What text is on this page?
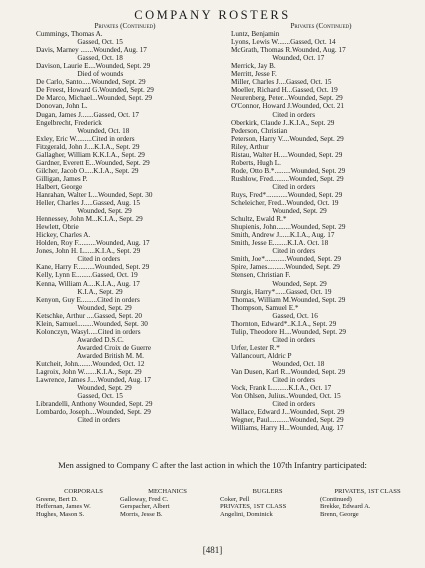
COMPANY ROSTERS
Privates (Continued)
Cummings, Thomas A.
Gassed, Oct. 15
Davis, Marney .......Wounded, Aug. 17
Gassed, Oct. 18
Davison, Laurie E....Wounded, Sept. 29
Died of wounds
De Carlo, Santo.....Wounded, Sept. 29
De Freest, Howard G.Wounded, Sept. 29
De Marco, Michael...Wounded, Sept. 29
Donovan, John L.
Dugan, James J.......Gassed, Oct. 17
Engelbrecht, Frederick
Wounded, Oct. 18
Exley, Eric W.........Cited in orders
Fitzgerald, John J....K.I.A., Sept. 29
Gallagher, William K.K.I.A., Sept. 29
Gardner, Everett E...Wounded, Sept. 29
Gilcher, Jacob O.....K.I.A., Sept. 29
Gilligan, James P.
Halbert, George
Hanrahan, Walter L...Wounded, Sept. 30
Heller, Charles J.....Gassed, Aug. 15
Wounded, Sept. 29
Hennessey, John M...K.I.A., Sept. 29
Hewlett, Obrie
Hickey, Charles A.
Holden, Roy F..........Wounded, Aug. 17
Jones, John H. L......K.I.A., Sept. 29
Cited in orders
Kane, Harry F..........Wounded, Sept. 29
Kelly, Lynn E.........Gassed, Oct. 19
Kenna, William A....K.I.A., Aug. 17
K.I.A., Sept. 29
Kenyon, Guy E.........Cited in orders
Wounded, Sept. 29
Ketschke, Arthur ....Gassed, Sept. 20
Klein, Samuel.........Wounded, Sept. 30
Kolonczyn, Wasyl.....Cited in orders
Awarded D.S.C.
Awarded Croix de Guerre
Awarded British M. M.
Kutcheit, John........Wounded, Oct. 12
Lagroix, John W.......K.I.A., Sept. 29
Lawrence, James J....Wounded, Aug. 17
Wounded, Sept. 29
Gassed, Oct. 15
Librandelli, Anthony Wounded, Sept. 29
Lombardo, Joseph....Wounded, Sept. 29
Cited in orders
Privates (Continued)
Luntz, Benjamin
Lyons, Lewis W.......Gassed, Oct. 14
McGrath, Thomas R.Wounded, Aug. 17
Wounded, Oct. 17
Merrick, Jay B.
Merritt, Jesse F.
Miller, Charles J....Gassed, Oct. 15
Moeller, Richard H...Gassed, Oct. 19
Neurenberg, Peter...Wounded, Sept. 29
O'Connor, Howard J.Wounded, Oct. 21
Cited in orders
Oberkirk, Claude J..K.I.A., Sept. 29
Pederson, Christian
Peterson, Harry V....Wounded, Sept. 29
Riley, Arthur
Ristau, Walter H.....Wounded, Sept. 29
Roberts, Hugh L.
Rode, Otto B.*.........Wounded, Sept. 29
Rushlow, Fred.........Wounded, Sept. 29
Cited in orders
Ruys, Fred*............Wounded, Sept. 29
Scheleicher, Fred...Wounded, Oct. 19
Wounded, Sept. 29
Schultz, Ewald R.*
Shupienis, John........Wounded, Sept. 29
Smith, Andrew J......K.I.A., Aug. 17
Smith, Jesse E........K.I.A. Oct. 18
Cited in orders
Smith, Joe*............Wounded, Sept. 29
Spire, James..........Wounded, Sept. 29
Stensen, Christian F.
Wounded, Sept. 29
Sturgis, Harry*......Gassed, Oct. 19
Thomas, William M.Wounded, Sept. 29
Thompson, Samuel E.*
Gassed, Oct. 16
Thornton, Edward*..K.I.A., Sept. 29
Tulip, Theodore H....Wounded, Sept. 29
Cited in orders
Urfer, Lester R.*
Vallancourt, Aldric P
Wounded, Oct. 18
Van Dusen, Karl R...Wounded, Sept. 29
Cited in orders
Vock, Frank L.........K.I.A., Oct. 17
Von Ohlsen, Julius..Wounded, Oct. 15
Cited in orders
Wallace, Edward J...Wounded, Sept. 29
Wegner, Paul...........Wounded, Sept. 29
Williams, Harry H...Wounded, Aug. 17
Men assigned to Company C after the last action in which the 107th Infantry participated:
CORPORALS
Greene, Bert D.
Heffernan, James W.
Hughes, Mason S.
MECHANICS
Galloway, Fred C.
Gerspacher, Albert
Morris, Jesse B.
BUGLERS
Coker, Pell
PRIVATES, 1ST CLASS
Angelini, Dominick
PRIVATES, 1ST CLASS
(Continued)
Brekke, Edward A.
Brenn, George
[481]
